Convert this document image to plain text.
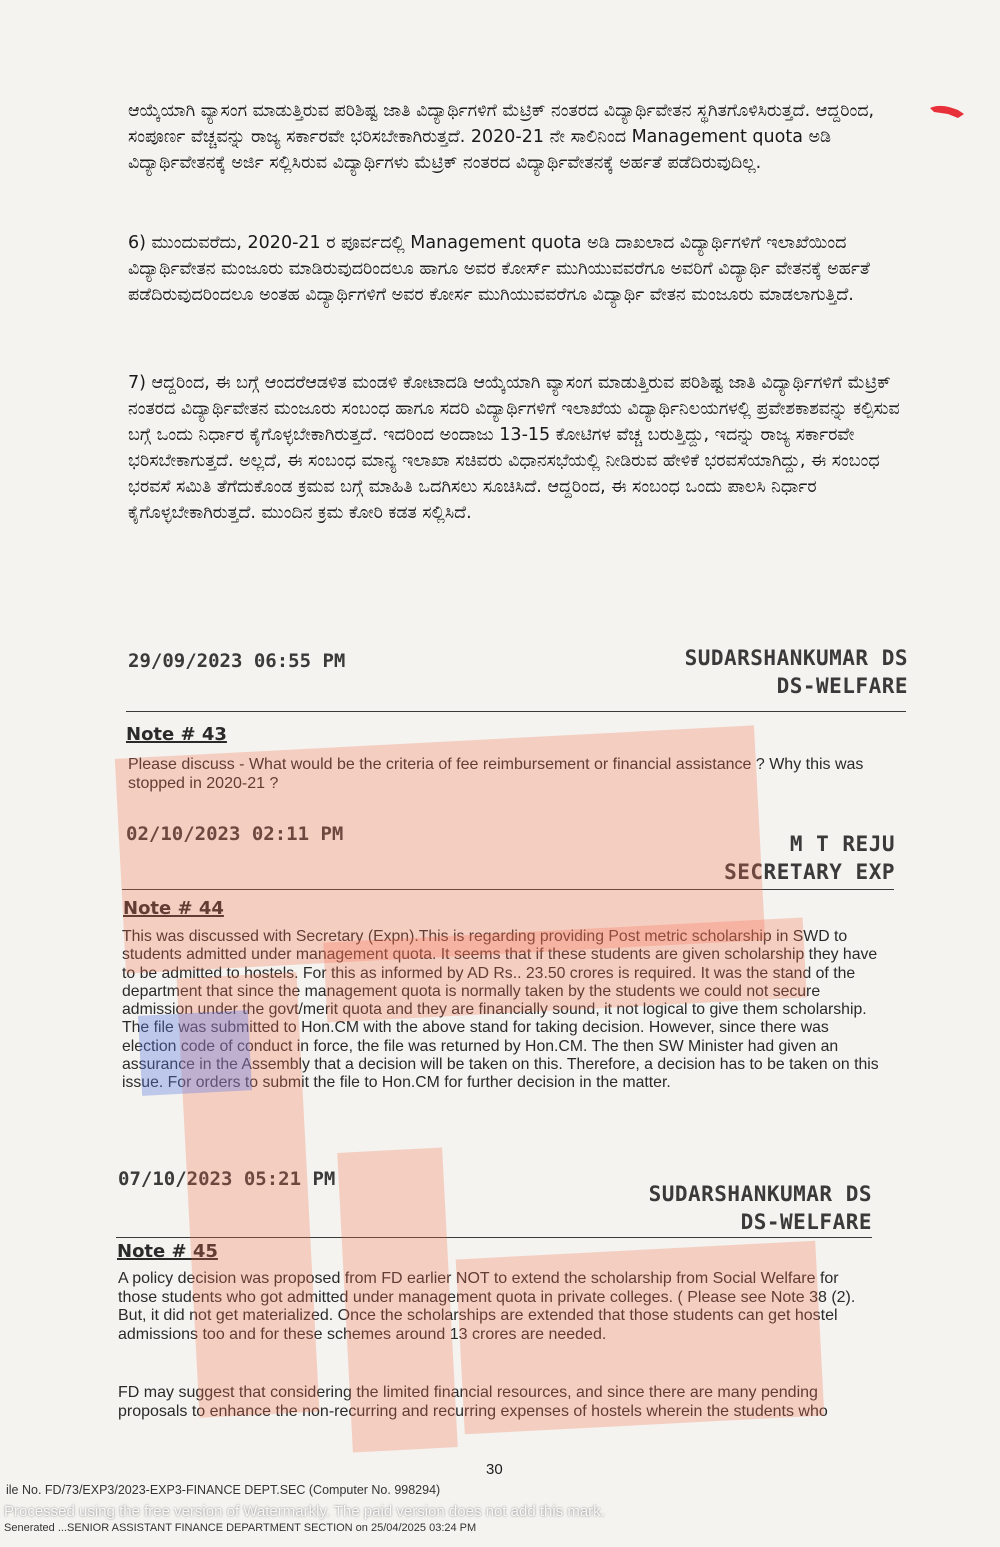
ಆಯ್ಕೆಯಾಗಿ ವ್ಯಾಸಂಗ ಮಾಡುತ್ತಿರುವ ಪರಿಶಿಷ್ಟ ಜಾತಿ ವಿದ್ಯಾರ್ಥಿಗಳಿಗೆ ಮೆಟ್ರಿಕ್ ನಂತರದ ವಿದ್ಯಾರ್ಥಿವೇತನ ಸ್ಥಗಿತಗೊಳಿಸಿರುತ್ತದೆ. ಆದ್ದರಿಂದ, ಸಂಪೂರ್ಣ ವೆಚ್ಚವನ್ನು ರಾಜ್ಯ ಸರ್ಕಾರವೇ ಭರಿಸಬೇಕಾಗಿರುತ್ತದೆ. 2020-21 ನೇ ಸಾಲಿನಿಂದ Management quota ಅಡಿ ವಿದ್ಯಾರ್ಥಿವೇತನಕ್ಕೆ ಅರ್ಜಿ ಸಲ್ಲಿಸಿರುವ ವಿದ್ಯಾರ್ಥಿಗಳು ಮೆಟ್ರಿಕ್ ನಂತರದ ವಿದ್ಯಾರ್ಥಿವೇತನಕ್ಕೆ ಅರ್ಹತೆ ಪಡೆದಿರುವುದಿಲ್ಲ.
6) ಮುಂದುವರೆದು, 2020-21 ರ ಪೂರ್ವದಲ್ಲಿ Management quota ಅಡಿ ದಾಖಲಾದ ವಿದ್ಯಾರ್ಥಿಗಳಿಗೆ ಇಲಾಖೆಯಿಂದ ವಿದ್ಯಾರ್ಥಿವೇತನ ಮಂಜೂರು ಮಾಡಿರುವುದರಿಂದಲೂ ಹಾಗೂ ಅವರ ಕೋರ್ಸ್ ಮುಗಿಯುವವರೆಗೂ ಅವರಿಗೆ ವಿದ್ಯಾರ್ಥಿ ವೇತನಕ್ಕೆ ಅರ್ಹತೆ ಪಡೆದಿರುವುದರಿಂದಲೂ ಅಂತಹ ವಿದ್ಯಾರ್ಥಿಗಳಿಗೆ ಅವರ ಕೋರ್ಸ ಮುಗಿಯುವವರೆಗೂ ವಿದ್ಯಾರ್ಥಿ ವೇತನ ಮಂಜೂರು ಮಾಡಲಾಗುತ್ತಿದೆ.
7) ಆದ್ದರಿಂದ, ಈ ಬಗ್ಗೆ ಆಂದರೆಆಡಳಿತ ಮಂಡಳಿ ಕೋಟಾದಡಿ ಆಯ್ಕೆಯಾಗಿ ವ್ಯಾಸಂಗ ಮಾಡುತ್ತಿರುವ ಪರಿಶಿಷ್ಟ ಜಾತಿ ವಿದ್ಯಾರ್ಥಿಗಳಿಗೆ ಮೆಟ್ರಿಕ್ ನಂತರದ ವಿದ್ಯಾರ್ಥಿವೇತನ ಮಂಜೂರು ಸಂಬಂಧ ಹಾಗೂ ಸದರಿ ವಿದ್ಯಾರ್ಥಿಗಳಿಗೆ ಇಲಾಖೆಯ ವಿದ್ಯಾರ್ಥಿನಿಲಯಗಳಲ್ಲಿ ಪ್ರವೇಶಕಾಶವನ್ನು ಕಲ್ಪಿಸುವ ಬಗ್ಗೆ ಒಂದು ನಿರ್ಧಾರ ಕೈಗೊಳ್ಳಬೇಕಾಗಿರುತ್ತದೆ. ಇದರಿಂದ ಅಂದಾಜು 13-15 ಕೋಟಿಗಳ ವೆಚ್ಚ ಬರುತ್ತಿದ್ದು, ಇದನ್ನು ರಾಜ್ಯ ಸರ್ಕಾರವೇ ಭರಿಸಬೇಕಾಗುತ್ತದೆ. ಅಲ್ಲದೆ, ಈ ಸಂಬಂಧ ಮಾನ್ಯ ಇಲಾಖಾ ಸಚಿವರು ವಿಧಾನಸಭೆಯಲ್ಲಿ ನೀಡಿರುವ ಹೇಳಿಕೆ ಭರವಸೆಯಾಗಿದ್ದು, ಈ ಸಂಬಂಧ ಭರವಸೆ ಸಮಿತಿ ತೆಗೆದುಕೊಂಡ ಕ್ರಮವ ಬಗ್ಗೆ ಮಾಹಿತಿ ಒದಗಿಸಲು ಸೂಚಿಸಿದೆ. ಆದ್ದರಿಂದ, ಈ ಸಂಬಂಧ ಒಂದು ಪಾಲಸಿ ನಿರ್ಧಾರ ಕೈಗೊಳ್ಳಬೇಕಾಗಿರುತ್ತದೆ. ಮುಂದಿನ ಕ್ರಮ ಕೋರಿ ಕಡತ ಸಲ್ಲಿಸಿದೆ.
29/09/2023 06:55 PM	SUDARSHANKUMAR DS
DS-WELFARE
Note # 43
Please discuss - What would be the criteria of fee reimbursement or financial assistance ? Why this was stopped in 2020-21 ?
02/10/2023 02:11 PM	M T REJU
SECRETARY EXP
Note # 44
This was discussed with Secretary (Expn).This is regarding providing Post metric scholarship in SWD to students admitted under management quota. It seems that if these students are given scholarship they have to be admitted to hostels. For this as informed by AD Rs.. 23.50 crores is required. It was the stand of the department that since the management quota is normally taken by the students we could not secure admission under the govt/merit quota and they are financially sound, it not logical to give them scholarship. The file was submitted to Hon.CM with the above stand for taking decision. However, since there was election code of conduct in force, the file was returned by Hon.CM. The then SW Minister had given an assurance in the Assembly that a decision will be taken on this. Therefore, a decision has to be taken on this issue. For orders to submit the file to Hon.CM for further decision in the matter.
07/10/2023 05:21 PM
SUDARSHANKUMAR DS
DS-WELFARE
Note # 45
A policy decision was proposed from FD earlier NOT to extend the scholarship from Social Welfare for those students who got admitted under management quota in private colleges. ( Please see Note 38 (2). But, it did not get materialized. Once the scholarships are extended that those students can get hostel admissions too and for these schemes around 13 crores are needed.
FD may suggest that considering the limited financial resources, and since there are many pending proposals to enhance the non-recurring and recurring expenses of hostels wherein the students who
30
ile No. FD/73/EXP3/2023-EXP3-FINANCE DEPT.SEC (Computer No. 998294)
Processed using the free version of Watermarkly. The paid version does not add this mark.
Senerated ...SENIOR ASSISTANT FINANCE DEPARTMENT SECTION on 25/04/2025 03:24 PM
